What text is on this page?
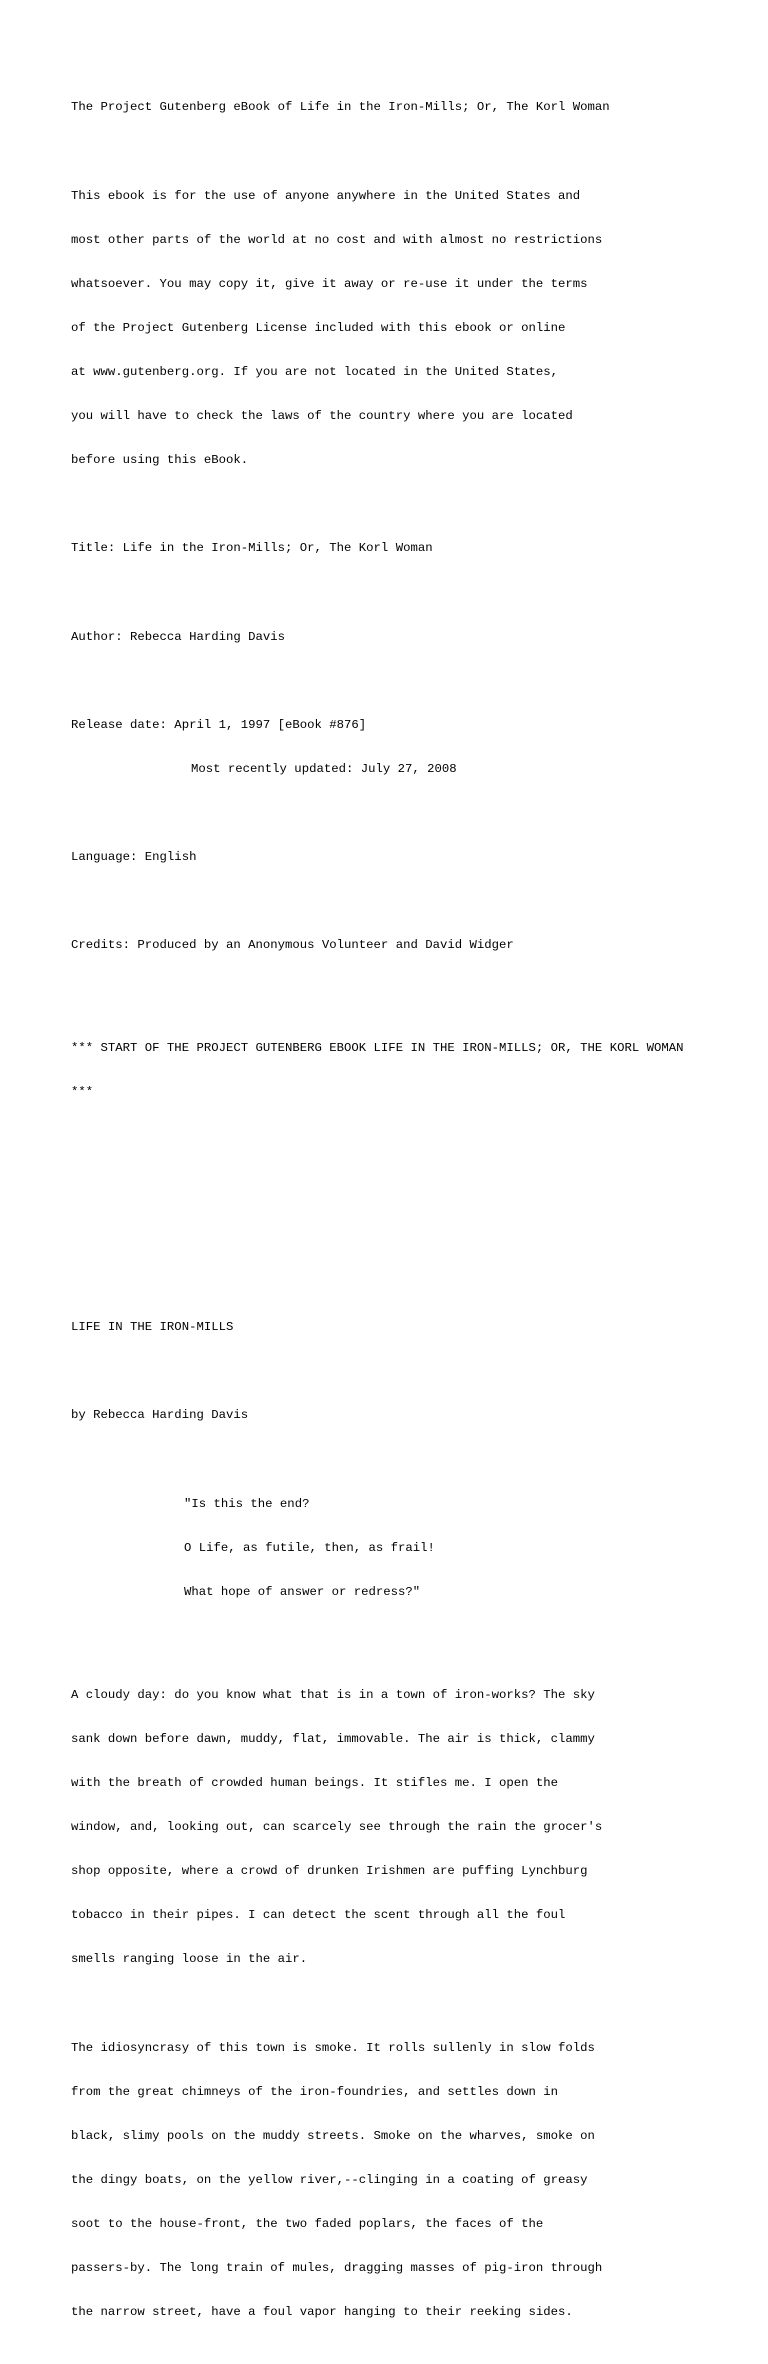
The Project Gutenberg eBook of Life in the Iron-Mills; Or, The Korl Woman

This ebook is for the use of anyone anywhere in the United States and

most other parts of the world at no cost and with almost no restrictions

whatsoever. You may copy it, give it away or re-use it under the terms

of the Project Gutenberg License included with this ebook or online

at www.gutenberg.org. If you are not located in the United States,

you will have to check the laws of the country where you are located

before using this eBook.

Title: Life in the Iron-Mills; Or, The Korl Woman

Author: Rebecca Harding Davis

Release date: April 1, 1997 [eBook #876]

Most recently updated: July 27, 2008

Language: English

Credits: Produced by an Anonymous Volunteer and David Widger

*** START OF THE PROJECT GUTENBERG EBOOK LIFE IN THE IRON-MILLS; OR, THE KORL WOMAN

***

LIFE IN THE IRON-MILLS

by Rebecca Harding Davis

"Is this the end?

O Life, as futile, then, as frail!

What hope of answer or redress?"

A cloudy day: do you know what that is in a town of iron-works? The sky

sank down before dawn, muddy, flat, immovable. The air is thick, clammy

with the breath of crowded human beings. It stifles me. I open the

window, and, looking out, can scarcely see through the rain the grocer's

shop opposite, where a crowd of drunken Irishmen are puffing Lynchburg

tobacco in their pipes. I can detect the scent through all the foul

smells ranging loose in the air.

The idiosyncrasy of this town is smoke. It rolls sullenly in slow folds

from the great chimneys of the iron-foundries, and settles down in

black, slimy pools on the muddy streets. Smoke on the wharves, smoke on

the dingy boats, on the yellow river,--clinging in a coating of greasy

soot to the house-front, the two faded poplars, the faces of the

passers-by. The long train of mules, dragging masses of pig-iron through

the narrow street, have a foul vapor hanging to their reeking sides.
